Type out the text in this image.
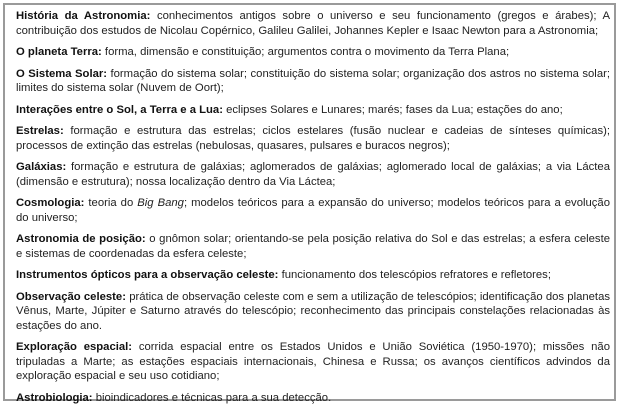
História da Astronomia: conhecimentos antigos sobre o universo e seu funcionamento (gregos e árabes); A contribuição dos estudos de Nicolau Copérnico, Galileu Galilei, Johannes Kepler e Isaac Newton para a Astronomia;

O planeta Terra: forma, dimensão e constituição; argumentos contra o movimento da Terra Plana;

O Sistema Solar: formação do sistema solar; constituição do sistema solar; organização dos astros no sistema solar; limites do sistema solar (Nuvem de Oort);

Interações entre o Sol, a Terra e a Lua: eclipses Solares e Lunares; marés; fases da Lua; estações do ano;

Estrelas: formação e estrutura das estrelas; ciclos estelares (fusão nuclear e cadeias de sínteses químicas); processos de extinção das estrelas (nebulosas, quasares, pulsares e buracos negros);

Galáxias: formação e estrutura de galáxias; aglomerados de galáxias; aglomerado local de galáxias; a via Láctea (dimensão e estrutura); nossa localização dentro da Via Láctea;

Cosmologia: teoria do Big Bang; modelos teóricos para a expansão do universo; modelos teóricos para a evolução do universo;

Astronomia de posição: o gnômon solar; orientando-se pela posição relativa do Sol e das estrelas; a esfera celeste e sistemas de coordenadas da esfera celeste;

Instrumentos ópticos para a observação celeste: funcionamento dos telescópios refratores e refletores;

Observação celeste: prática de observação celeste com e sem a utilização de telescópios; identificação dos planetas Vênus, Marte, Júpiter e Saturno através do telescópio; reconhecimento das principais constelações relacionadas às estações do ano.

Exploração espacial: corrida espacial entre os Estados Unidos e União Soviética (1950-1970); missões não tripuladas a Marte; as estações espaciais internacionais, Chinesa e Russa; os avanços científicos advindos da exploração espacial e seu uso cotidiano;

Astrobiologia: bioindicadores e técnicas para a sua detecção.
